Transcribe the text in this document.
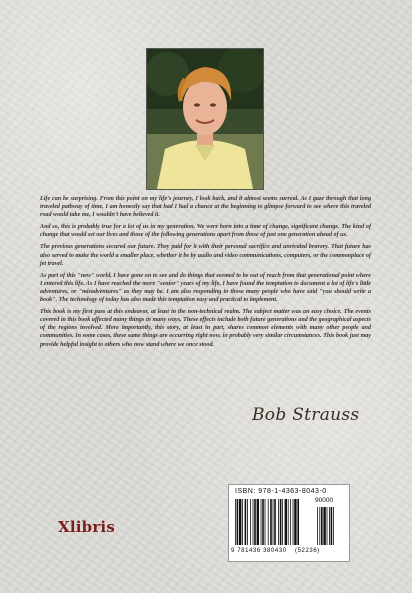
Life can be surprising. From this point on my life's journey, I look back, and it almost seems surreal. As I gaze through that long traveled pathway of time, I am honestly say that had I had a chance at the beginning to glimpse forward to see where this traveled road would take me, I wouldn't have believed it.

And so, this is probably true for a lot of us in my generation. We were born into a time of change, significant change. The kind of change that would set our lives and those of the following generations apart from those of just one generation ahead of us.

The previous generations secured our future. They paid for it with their personal sacrifice and unrivaled bravery. That future has also served to make the world a smaller place, whether it be by audio and video communications, computers, or the commonplace of jet travel.

As part of this "new" world, I have gone on to see and do things that seemed to be out of reach from that generational point where I entered this life. As I have reached the more "senior" years of my life, I have found the temptation to document a lot of life's little adventures, or "misadventures" as they may be. I am also responding to those many people who have said "you should write a book". The technology of today has also made this temptation easy and practical to implement.

This book is my first pass at this endeavor, at least in the non-technical realm. The subject matter was an easy choice. The events covered in this book affected many things in many ways. These effects include both future generations and the geographical aspects of the regions involved. More importantly, this story, at least in part, shares common elements with many other people and communities. In some cases, these same things are occurring right now, in probably very similar circumstances. This book just may provide helpful insight to others who now stand where we once stood.

Bob Strauss
ISBN: 978-1-4363-8043-0
90000
9 781436 380430 (52236)
Xlibris
